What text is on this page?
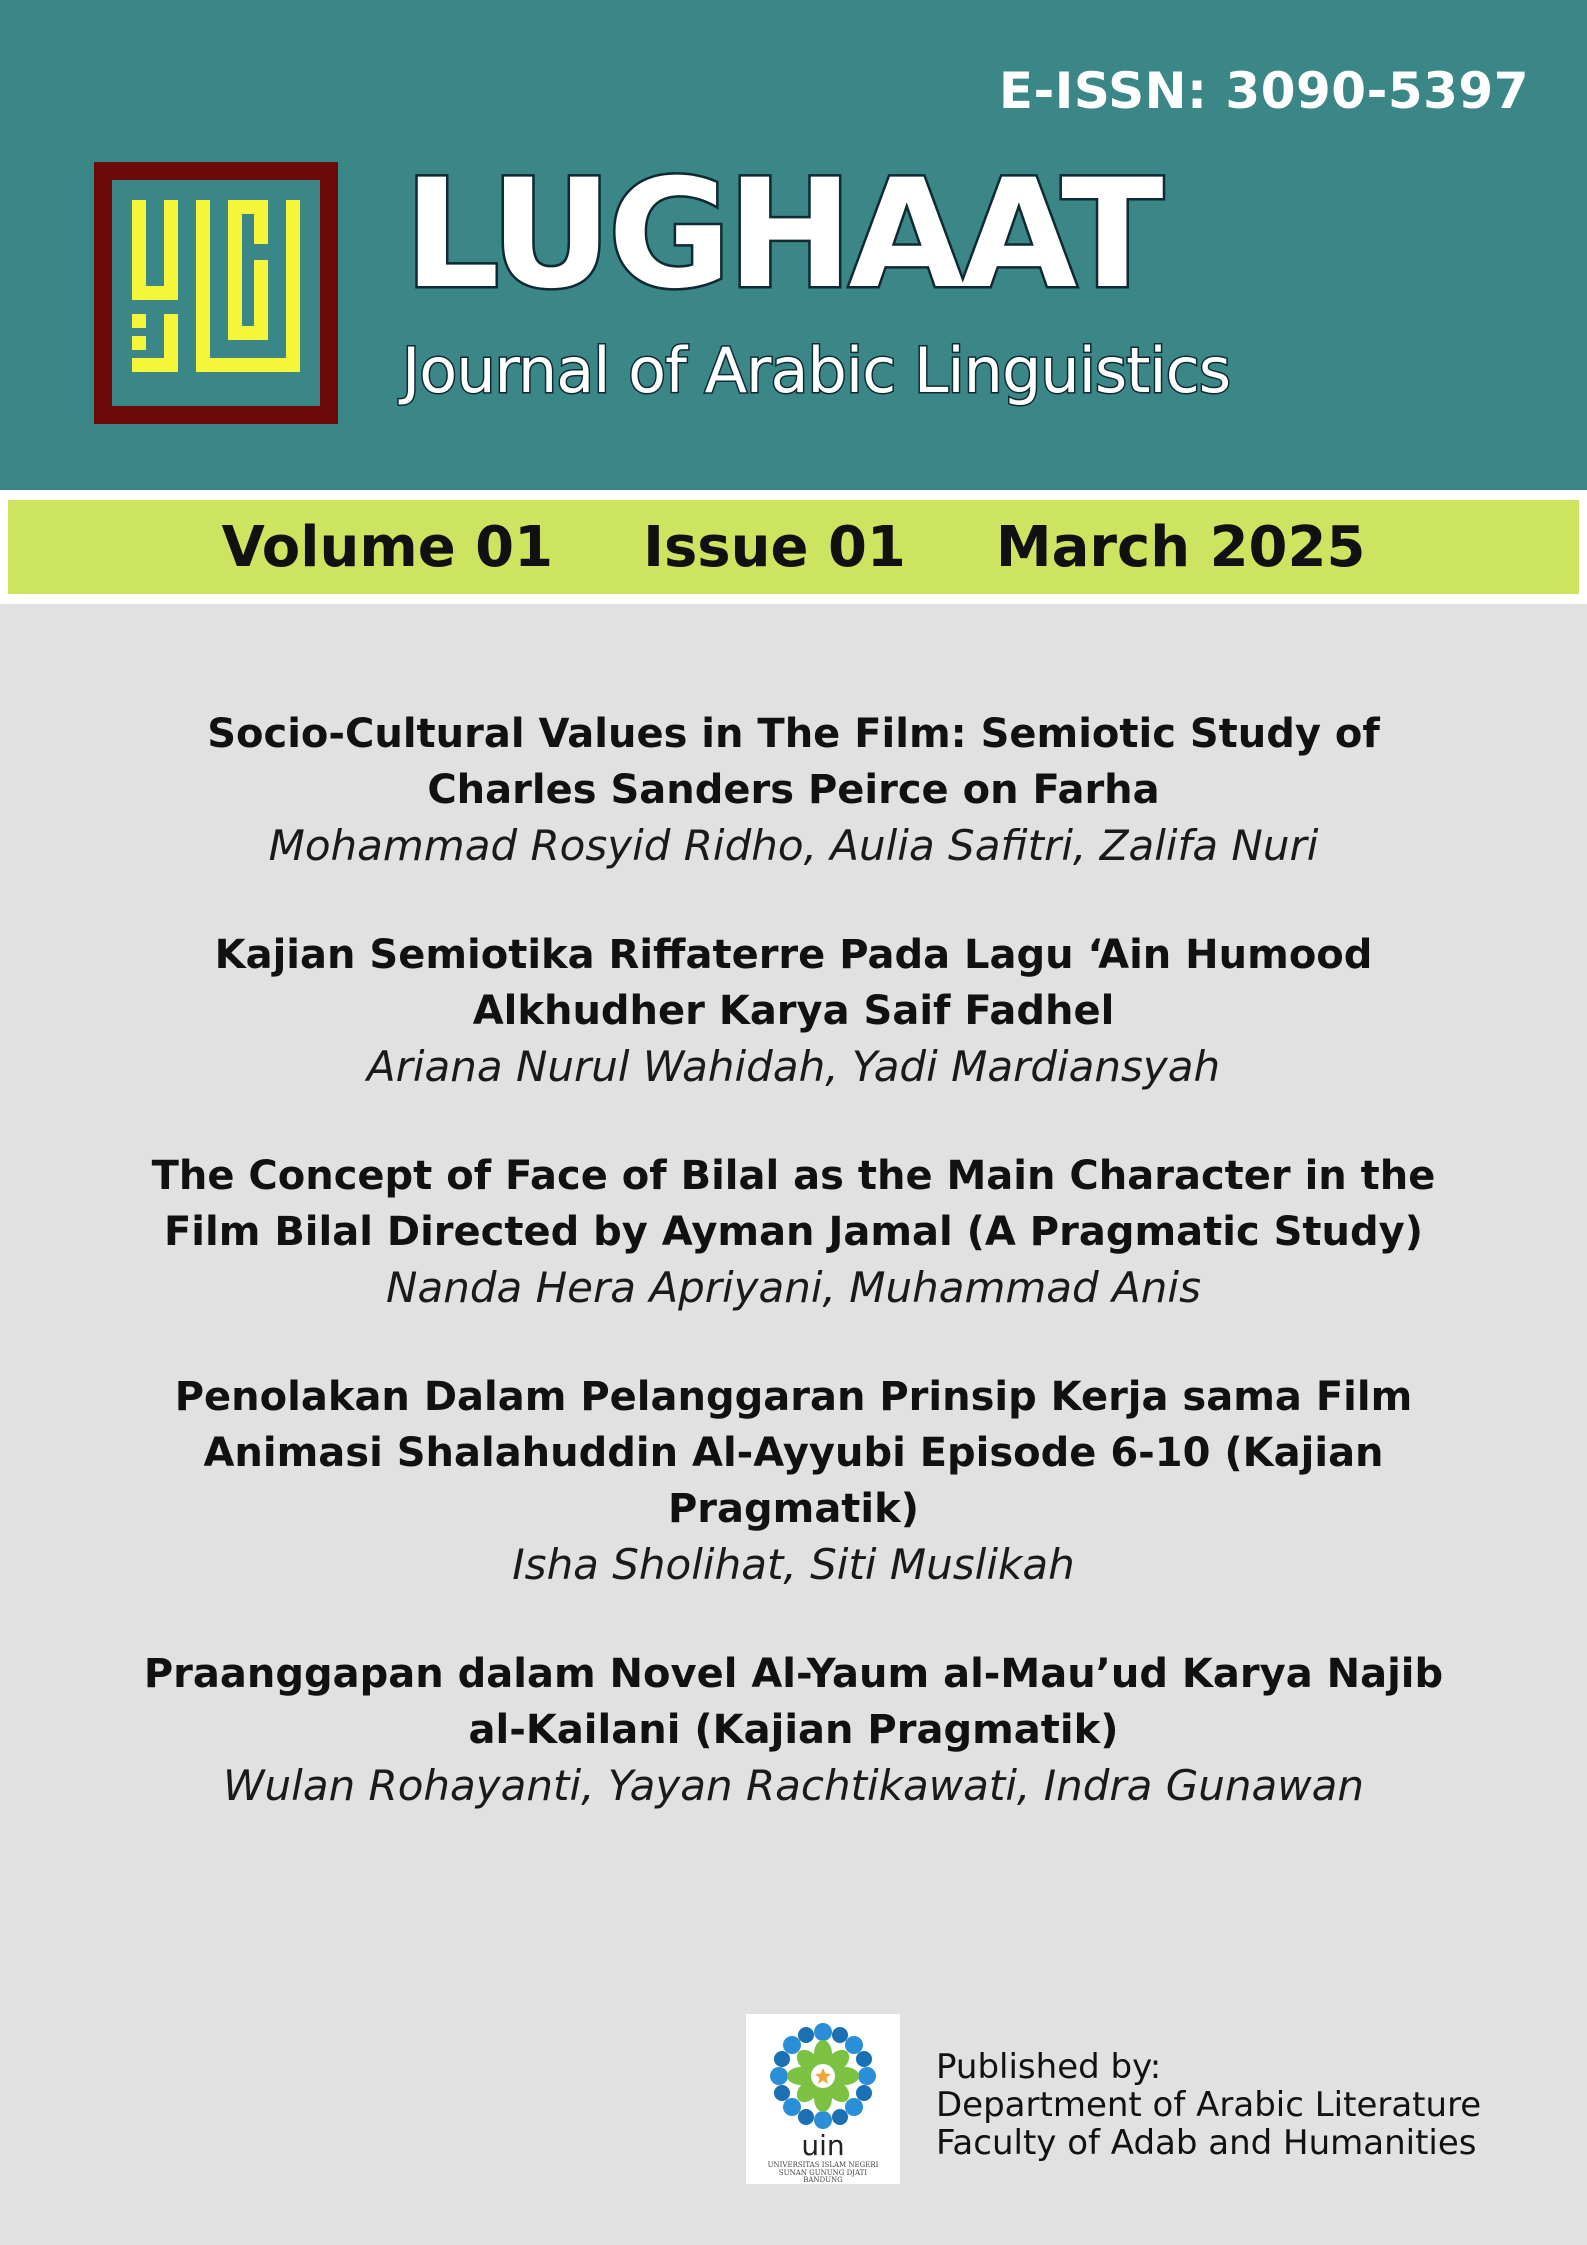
E-ISSN: 3090-5397
LUGHAAT
Journal of Arabic Linguistics
Volume 01 Issue 01 March 2025
Socio-Cultural Values in The Film: Semiotic Study of
Charles Sanders Peirce on Farha
Mohammad Rosyid Ridho, Aulia Safitri, Zalifa Nuri
Kajian Semiotika Riffaterre Pada Lagu ‘Ain Humood
Alkhudher Karya Saif Fadhel
Ariana Nurul Wahidah, Yadi Mardiansyah
The Concept of Face of Bilal as the Main Character in the
Film Bilal Directed by Ayman Jamal (A Pragmatic Study)
Nanda Hera Apriyani, Muhammad Anis
Penolakan Dalam Pelanggaran Prinsip Kerja sama Film
Animasi Shalahuddin Al-Ayyubi Episode 6-10 (Kajian
Pragmatik)
Isha Sholihat, Siti Muslikah
Praanggapan dalam Novel Al-Yaum al-Mau’ud Karya Najib
al-Kailani (Kajian Pragmatik)
Wulan Rohayanti, Yayan Rachtikawati, Indra Gunawan
uin
UNIVERSITAS ISLAM NEGERI
SUNAN GUNUNG DJATI
BANDUNG
Published by:
Department of Arabic Literature
Faculty of Adab and Humanities
